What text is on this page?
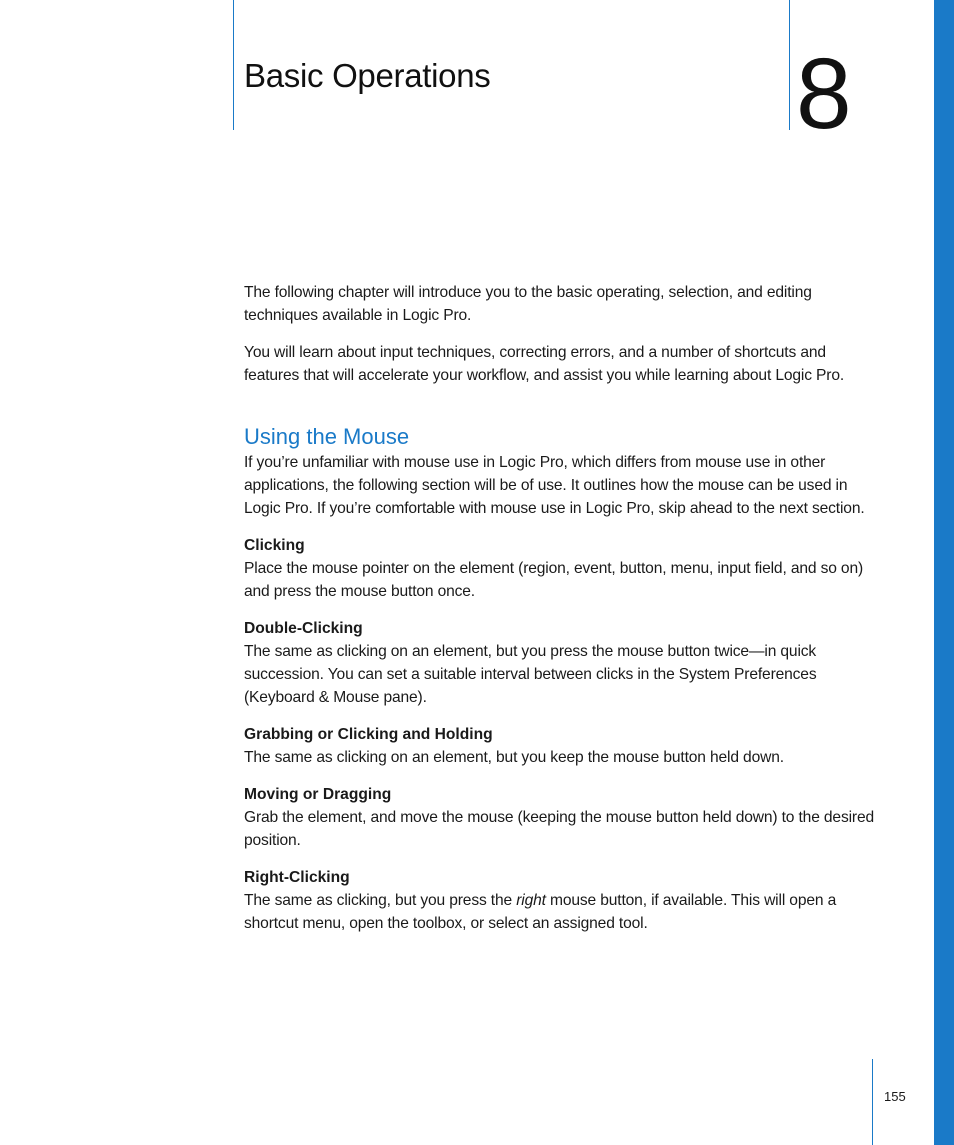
Basic Operations	8

The following chapter will introduce you to the basic operating, selection, and editing techniques available in Logic Pro.

You will learn about input techniques, correcting errors, and a number of shortcuts and features that will accelerate your workflow, and assist you while learning about Logic Pro.

Using the Mouse

If you’re unfamiliar with mouse use in Logic Pro, which differs from mouse use in other applications, the following section will be of use. It outlines how the mouse can be used in Logic Pro. If you’re comfortable with mouse use in Logic Pro, skip ahead to the next section.

Clicking

Place the mouse pointer on the element (region, event, button, menu, input field, and so on) and press the mouse button once.

Double-Clicking

The same as clicking on an element, but you press the mouse button twice—in quick succession. You can set a suitable interval between clicks in the System Preferences (Keyboard & Mouse pane).

Grabbing or Clicking and Holding

The same as clicking on an element, but you keep the mouse button held down.

Moving or Dragging

Grab the element, and move the mouse (keeping the mouse button held down) to the desired position.

Right-Clicking

The same as clicking, but you press the right mouse button, if available. This will open a shortcut menu, open the toolbox, or select an assigned tool.

155
